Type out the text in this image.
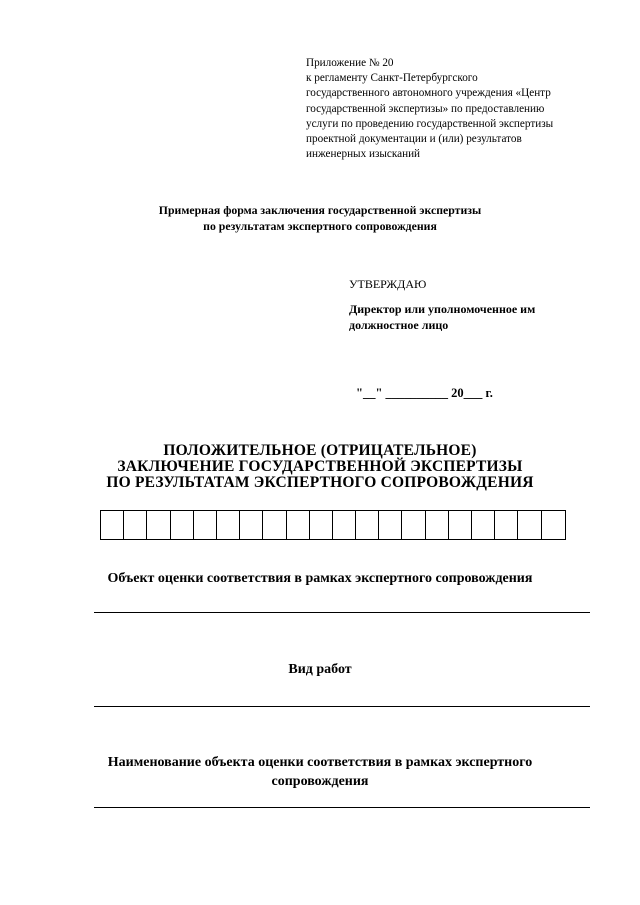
Приложение № 20
к регламенту Санкт-Петербургского
государственного автономного учреждения «Центр
государственной экспертизы» по предоставлению
услуги по проведению государственной экспертизы
проектной документации и (или) результатов
инженерных изысканий
Примерная форма заключения государственной экспертизы
по результатам экспертного сопровождения
УТВЕРЖДАЮ
Директор или уполномоченное им
должностное лицо
"__" __________ 20___ г.
ПОЛОЖИТЕЛЬНОЕ (ОТРИЦАТЕЛЬНОЕ)
ЗАКЛЮЧЕНИЕ ГОСУДАРСТВЕННОЙ ЭКСПЕРТИЗЫ
ПО РЕЗУЛЬТАТАМ ЭКСПЕРТНОГО СОПРОВОЖДЕНИЯ
Объект оценки соответствия в рамках экспертного сопровождения
Вид работ
Наименование объекта оценки соответствия в рамках экспертного
сопровождения
